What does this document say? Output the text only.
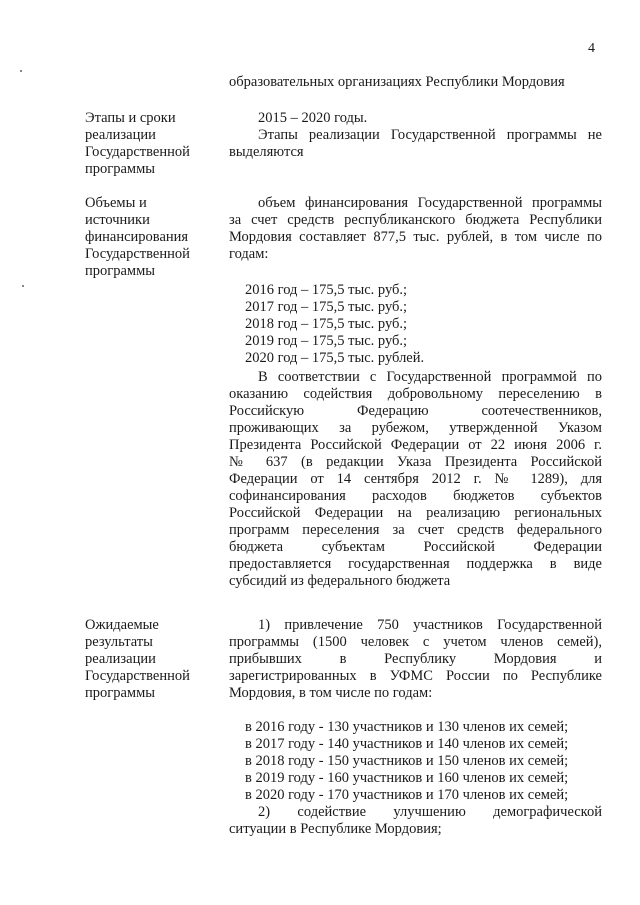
4
образовательных организациях Республики Мордовия
Этапы и сроки
реализации
Государственной
программы
2015 – 2020 годы.
Этапы реализации Государственной программы не
выделяются
Объемы и
источники
финансирования
Государственной
программы
объем финансирования Государственной программы
за счет средств республиканского бюджета Республики
Мордовия составляет 877,5 тыс. рублей, в том числе по
годам:
2016 год – 175,5 тыс. руб.;
2017 год – 175,5 тыс. руб.;
2018 год – 175,5 тыс. руб.;
2019 год – 175,5 тыс. руб.;
2020 год – 175,5 тыс. рублей.
В соответствии с Государственной программой по
оказанию содействия добровольному переселению в
Российскую Федерацию соотечественников,
проживающих за рубежом, утвержденной Указом
Президента Российской Федерации от 22 июня 2006 г.
№ 637 (в редакции Указа Президента Российской
Федерации от 14 сентября 2012 г. № 1289), для
софинансирования расходов бюджетов субъектов
Российской Федерации на реализацию региональных
программ переселения за счет средств федерального
бюджета субъектам Российской Федерации
предоставляется государственная поддержка в виде
субсидий из федерального бюджета
Ожидаемые
результаты
реализации
Государственной
программы
1) привлечение 750 участников Государственной
программы (1500 человек с учетом членов семей),
прибывших в Республику Мордовия и
зарегистрированных в УФМС России по Республике
Мордовия, в том числе по годам:
в 2016 году - 130 участников и 130 членов их семей;
в 2017 году - 140 участников и 140 членов их семей;
в 2018 году - 150 участников и 150 членов их семей;
в 2019 году - 160 участников и 160 членов их семей;
в 2020 году - 170 участников и 170 членов их семей;
2) содействие улучшению демографической
ситуации в Республике Мордовия;
